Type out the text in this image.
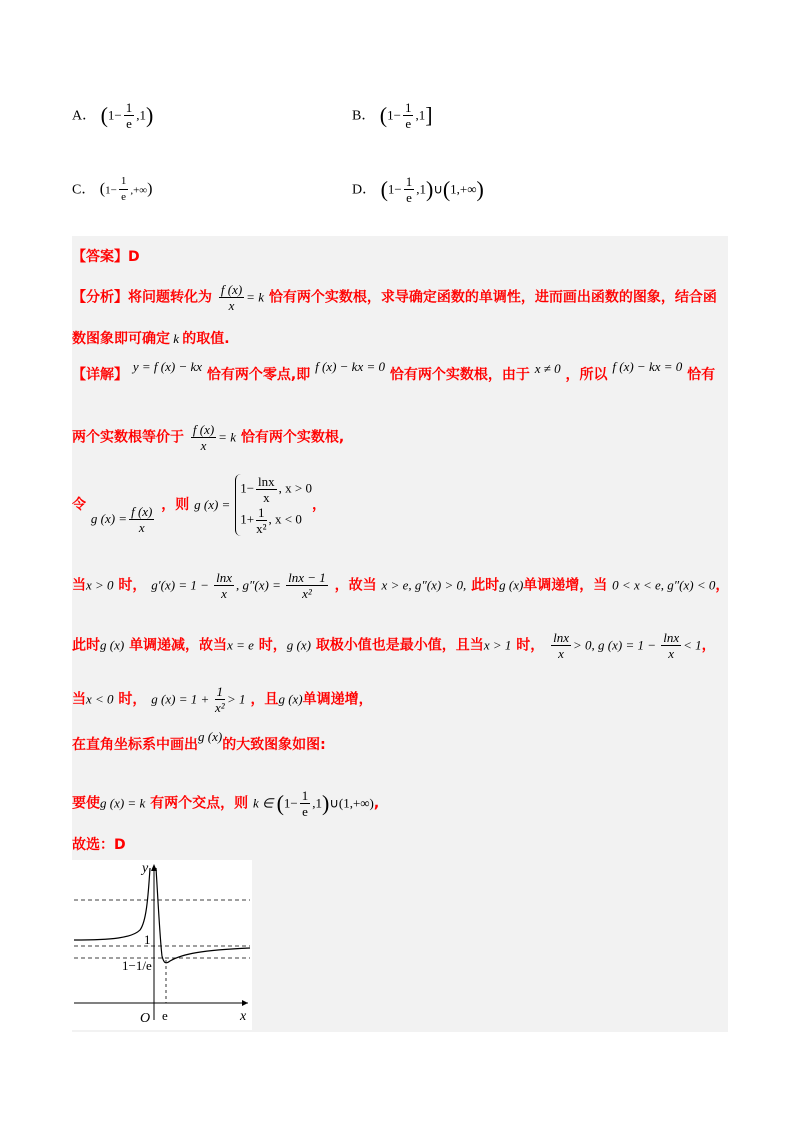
A． $(1- \frac{1}{e} ,1)$	B． $(1- \frac{1}{e} ,1]$
C． ($1- \frac{1}{e}$ ,+∞)	D． ($1- \frac{1}{e}$ ,1)∪(1,+∞)
【答案】D
【分析】将问题转化为 $\frac{f (x)}{x} = k$ 恰有两个实数根，求导确定函数的单调性，进而画出函数的图象，结合函
数图象即可确定 k 的取值.
【详解】 y = f (x) − kx 恰有两个零点,即 f (x) − kx = 0 恰有两个实数根，由于 x ≠ 0 ，所以 f (x) − kx = 0 恰有
两个实数根等价于 $\frac{f (x)}{x} = k$ 恰有两个实数根,
令 g $(x) = \frac{f (x)}{x}$ ，则 g (x) =
$1- \frac{\ln x}{x}$ , x > 0
$1+ \frac{1}{\text{x²}}$ , x < 0
，
当x > 0 时， $g'(x) = 1 - \frac{\ln x}{x}$ , $g''(x) = \frac{\ln x - 1}{\text{x²}}$ ，故当 x > e, g″(x) > 0, 此时g (x)单调递增，当 0 < x < e, g″(x) < 0，
此时g (x) 单调递减，故当x = e 时，g (x) 取极小值也是最小值，且当x > 1 时， $\frac{\ln x}{x} > 0$, g $(x) = 1 - \frac{\ln x}{x} < 1$，
当x < 0 时， g $(x) = 1 + \frac{1}{\text{x²}} > 1$ ，且g (x)单调递增，
在直角坐标系中画出g (x)的大致图象如图:
要使g (x) = k 有两个交点，则 k ∈ ($1- \frac{1}{e}$ ,1)∪(1,+∞),
故选：D
y
x
O e
1
1−1/e
